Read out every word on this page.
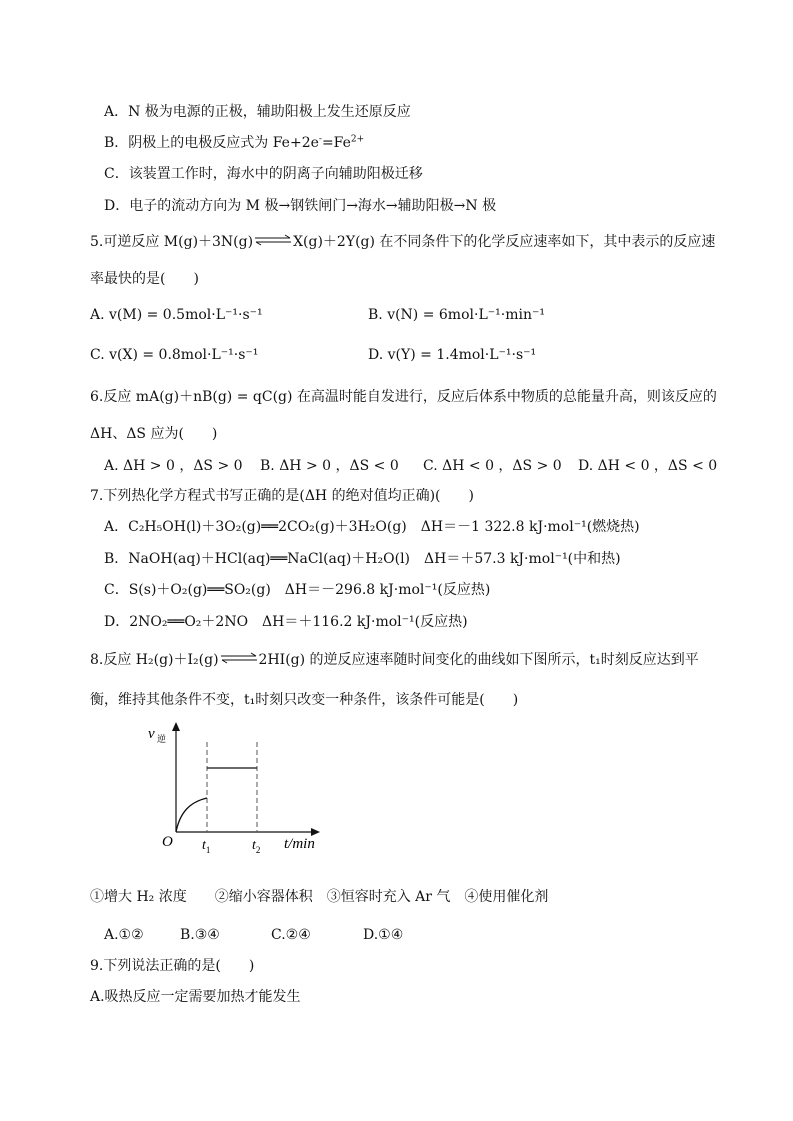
A．N 极为电源的正极，辅助阳极上发生还原反应
B．阴极上的电极反应式为 $Fe+2e^-=Fe^{2+}$
C．该装置工作时，海水中的阴离子向辅助阳极迁移
D．电子的流动方向为 M 极→钢铁闸门→海水→辅助阳极→N 极
5.可逆反应 M(g)＋3N(g)⇌X(g)＋2Y(g) 在不同条件下的化学反应速率如下，其中表示的反应速
率最快的是(　　)
A. v(M) = 0.5mol·L⁻¹·s⁻¹	B. v(N) = 6mol·L⁻¹·min⁻¹
C. v(X) = 0.8mol·L⁻¹·s⁻¹	D. v(Y) = 1.4mol·L⁻¹·s⁻¹
6.反应 mA(g)＋nB(g) = qC(g) 在高温时能自发进行，反应后体系中物质的总能量升高，则该反应的
ΔH、ΔS 应为(　　)
A. ΔH > 0 ，ΔS > 0 B. ΔH > 0 ，ΔS < 0 C. ΔH < 0 ，ΔS > 0 D. ΔH < 0 ，ΔS < 0
7.下列热化学方程式书写正确的是(ΔH 的绝对值均正确)(　　)
A．C₂H₅OH(l)＋3O₂(g)══2CO₂(g)＋3H₂O(g)　ΔH＝－1 322.8 kJ·mol⁻¹(燃烧热)
B．NaOH(aq)＋HCl(aq)══NaCl(aq)＋H₂O(l)　ΔH＝＋57.3 kJ·mol⁻¹(中和热)
C．S(s)＋O₂(g)══SO₂(g)　ΔH＝－296.8 kJ·mol⁻¹(反应热)
D．2NO₂══O₂＋2NO　ΔH＝＋116.2 kJ·mol⁻¹(反应热)
8.反应 H₂(g)＋I₂(g)⇌2HI(g) 的逆反应速率随时间变化的曲线如下图所示，t₁时刻反应达到平
衡，维持其他条件不变，t₁时刻只改变一种条件，该条件可能是(　　)
v 逆
O $t_1$	$t_2$ t/min
①增大 H₂ 浓度　　②缩小容器体积　③恒容时充入 Ar 气　④使用催化剂
A.①②	B.③④	C.②④	D.①④
9.下列说法正确的是(　　)
A.吸热反应一定需要加热才能发生
